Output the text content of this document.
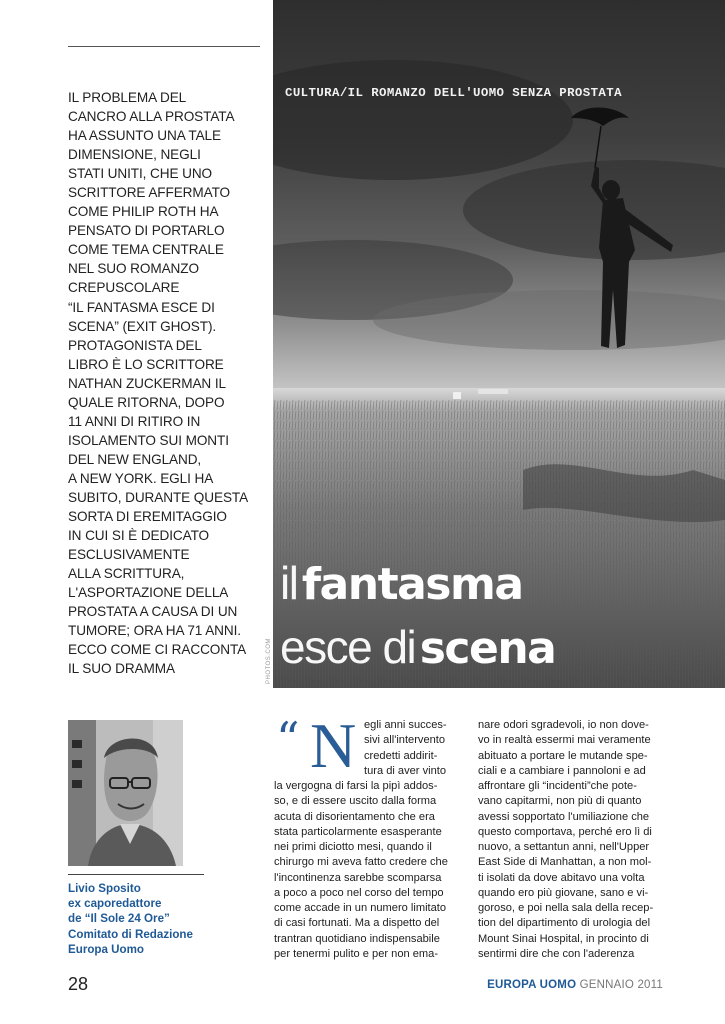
IL PROBLEMA DEL
CANCRO ALLA PROSTATA
HA ASSUNTO UNA TALE
DIMENSIONE, NEGLI
STATI UNITI, CHE UNO
SCRITTORE AFFERMATO
COME PHILIP ROTH HA
PENSATO DI PORTARLO
COME TEMA CENTRALE
NEL SUO ROMANZO
CREPUSCOLARE
“IL FANTASMA ESCE DI
SCENA” (EXIT GHOST).
PROTAGONISTA DEL
LIBRO È LO SCRITTORE
NATHAN ZUCKERMAN IL
QUALE RITORNA, DOPO
11 ANNI DI RITIRO IN
ISOLAMENTO SUI MONTI
DEL NEW ENGLAND,
A NEW YORK. EGLI HA
SUBITO, DURANTE QUESTA
SORTA DI EREMITAGGIO
IN CUI SI È DEDICATO
ESCLUSIVAMENTE
ALLA SCRITTURA,
L'ASPORTAZIONE DELLA
PROSTATA A CAUSA DI UN
TUMORE; ORA HA 71 ANNI.
ECCO COME CI RACCONTA
IL SUO DRAMMA
CULTURA/IL ROMANZO DELL'UOMO SENZA PROSTATA
il fantasma
esce di scena
PHOTOS.COM
Livio Sposito
ex caporedattore
de “Il Sole 24 Ore”
Comitato di Redazione
Europa Uomo
“ N egli anni succes-
sivi all'intervento
credetti addirit-
tura di aver vinto
la vergogna di farsi la pipì addos-
so, e di essere uscito dalla forma
acuta di disorientamento che era
stata particolarmente esasperante
nei primi diciotto mesi, quando il
chirurgo mi aveva fatto credere che
l'incontinenza sarebbe scomparsa
a poco a poco nel corso del tempo
come accade in un numero limitato
di casi fortunati. Ma a dispetto del
trantran quotidiano indispensabile
per tenermi pulito e per non ema-
nare odori sgradevoli, io non dove-
vo in realtà essermi mai veramente
abituato a portare le mutande spe-
ciali e a cambiare i pannoloni e ad
affrontare gli “incidenti”che pote-
vano capitarmi, non più di quanto
avessi sopportato l'umiliazione che
questo comportava, perché ero lì di
nuovo, a settantun anni, nell'Upper
East Side di Manhattan, a non mol-
ti isolati da dove abitavo una volta
quando ero più giovane, sano e vi-
goroso, e poi nella sala della recep-
tion del dipartimento di urologia del
Mount Sinai Hospital, in procinto di
sentirmi dire che con l'aderenza
28	EUROPA UOMO GENNAIO 2011
